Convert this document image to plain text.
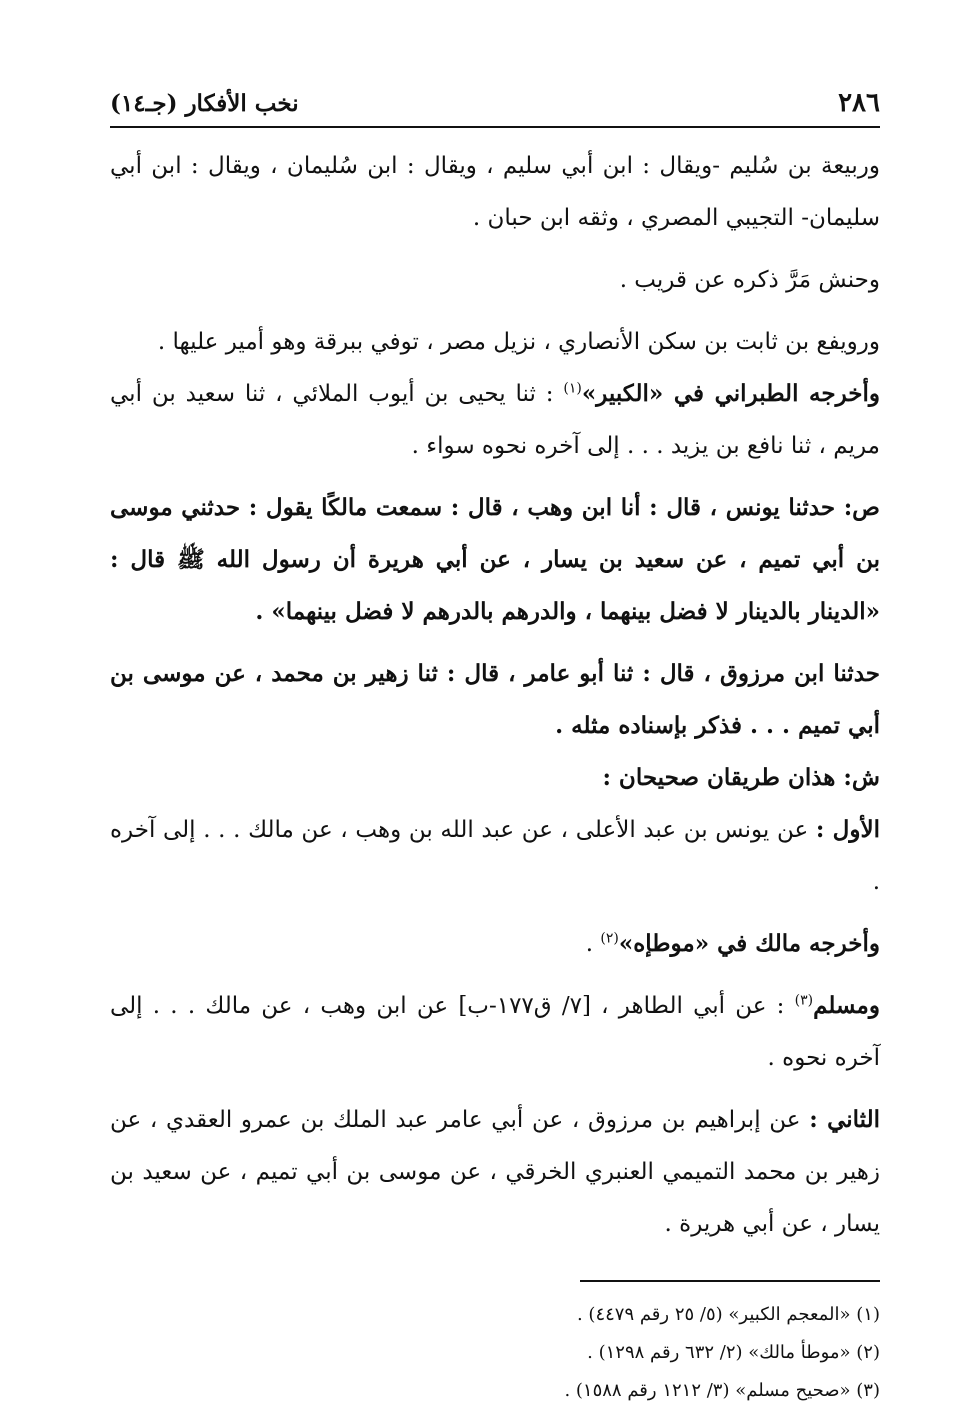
٢٨٦
نخب الأفكار (جـ١٤)

وربيعة بن سُليم -ويقال : ابن أبي سليم ، ويقال : ابن سُليمان ، ويقال : ابن أبي سليمان- التجيبي المصري ، وثقه ابن حبان .

وحنش مَرَّ ذكره عن قريب .

ورويفع بن ثابت بن سكن الأنصاري ، نزيل مصر ، توفي ببرقة وهو أمير عليها .

وأخرجه الطبراني في «الكبير»$^{(١)}$ : ثنا يحيى بن أيوب الملائي ، ثنا سعيد بن أبي مريم ، ثنا نافع بن يزيد . . . إلى آخره نحوه سواء .

ص: حدثنا يونس ، قال : أنا ابن وهب ، قال : سمعت مالكًا يقول : حدثني موسى بن أبي تميم ، عن سعيد بن يسار ، عن أبي هريرة أن رسول الله ﷺ قال : «الدينار بالدينار لا فضل بينهما ، والدرهم بالدرهم لا فضل بينهما» .

حدثنا ابن مرزوق ، قال : ثنا أبو عامر ، قال : ثنا زهير بن محمد ، عن موسى بن أبي تميم . . . فذكر بإسناده مثله .

ش: هذان طريقان صحيحان :

الأول : عن يونس بن عبد الأعلى ، عن عبد الله بن وهب ، عن مالك . . . إلى آخره .

وأخرجه مالك في «موطإه»$^{(٢)}$ .

ومسلم$^{(٣)}$ : عن أبي الطاهر ، [٧/ ق١٧٧-ب] عن ابن وهب ، عن مالك . . . إلى آخره نحوه .

الثاني : عن إبراهيم بن مرزوق ، عن أبي عامر عبد الملك بن عمرو العقدي ، عن زهير بن محمد التميمي العنبري الخرقي ، عن موسى بن أبي تميم ، عن سعيد بن يسار ، عن أبي هريرة .

(١) «المعجم الكبير» (٥/ ٢٥ رقم ٤٤٧٩) .

(٢) «موطأ مالك» (٢/ ٦٣٢ رقم ١٢٩٨) .

(٣) «صحيح مسلم» (٣/ ١٢١٢ رقم ١٥٨٨) .
